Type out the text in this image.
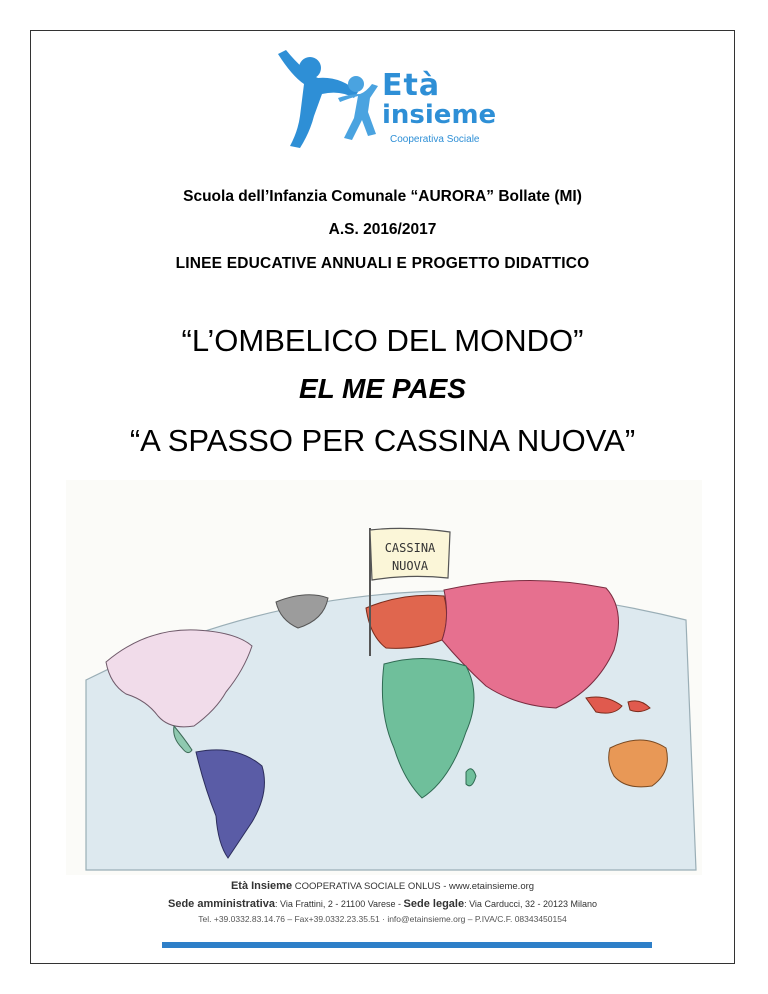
Età
insieme
Cooperativa Sociale
Scuola dell’Infanzia Comunale “AURORA” Bollate (MI)
A.S. 2016/2017
LINEE EDUCATIVE ANNUALI E PROGETTO DIDATTICO
“L’OMBELICO DEL MONDO”
EL ME PAES
“A SPASSO PER CASSINA NUOVA”
CASSINA
NUOVA
Età Insieme COOPERATIVA SOCIALE ONLUS - www.etainsieme.org
Sede amministrativa: Via Frattini, 2 - 21100 Varese - Sede legale: Via Carducci, 32 - 20123 Milano
Tel. +39.0332.83.14.76 – Fax+39.0332.23.35.51 · info@etainsieme.org – P.IVA/C.F. 08343450154
